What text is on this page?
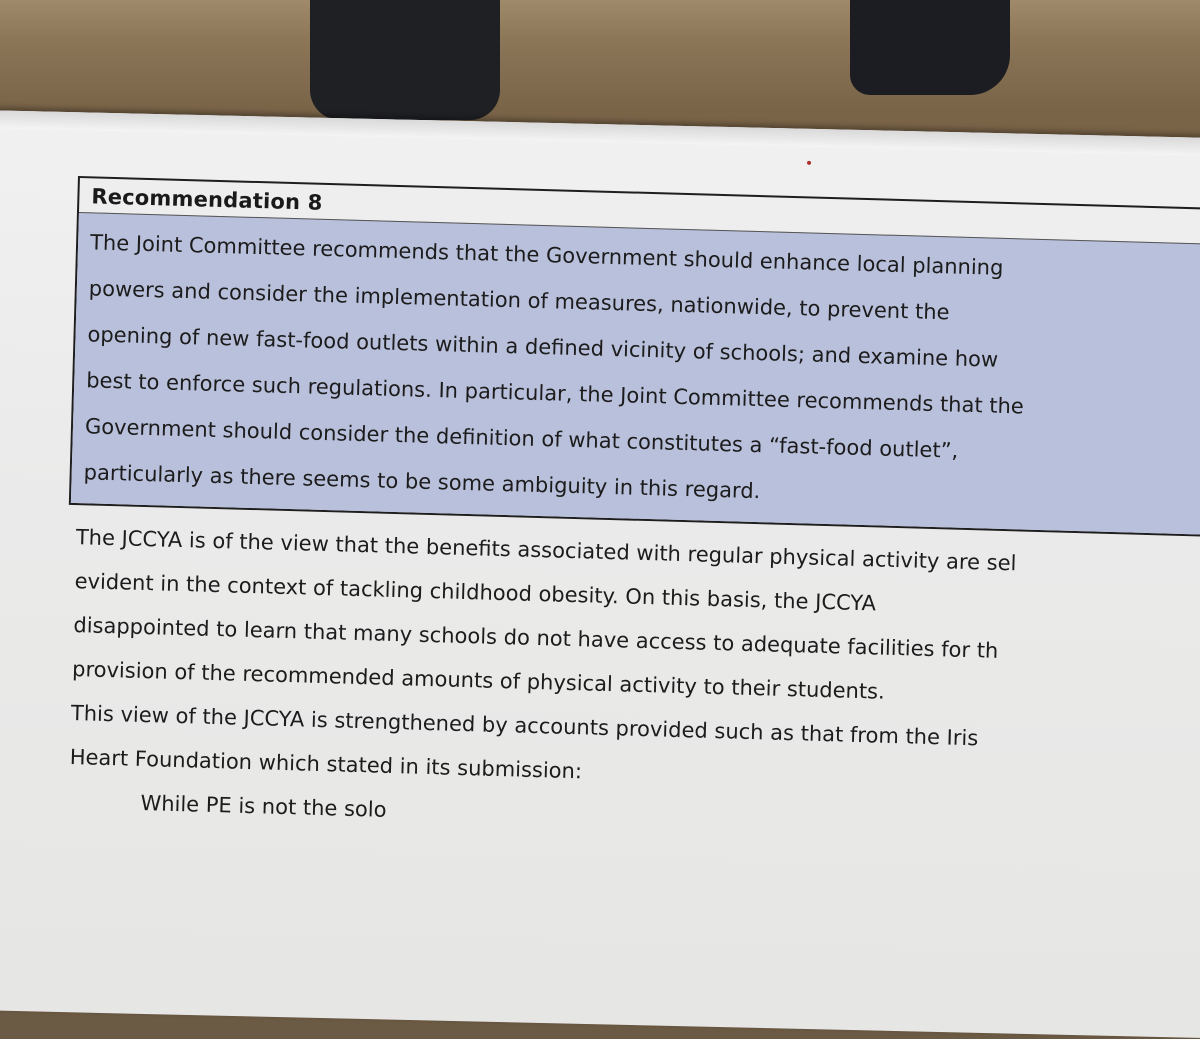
Recommendation 8
The Joint Committee recommends that the Government should enhance local planning
powers and consider the implementation of measures, nationwide, to prevent the
opening of new fast-food outlets within a defined vicinity of schools; and examine how
best to enforce such regulations. In particular, the Joint Committee recommends that the
Government should consider the definition of what constitutes a “fast-food outlet”,
particularly as there seems to be some ambiguity in this regard.
The JCCYA is of the view that the benefits associated with regular physical activity are sel
evident in the context of tackling childhood obesity. On this basis, the JCCYA
disappointed to learn that many schools do not have access to adequate facilities for th
provision of the recommended amounts of physical activity to their students.
This view of the JCCYA is strengthened by accounts provided such as that from the Iris
Heart Foundation which stated in its submission:
While PE is not the solo
